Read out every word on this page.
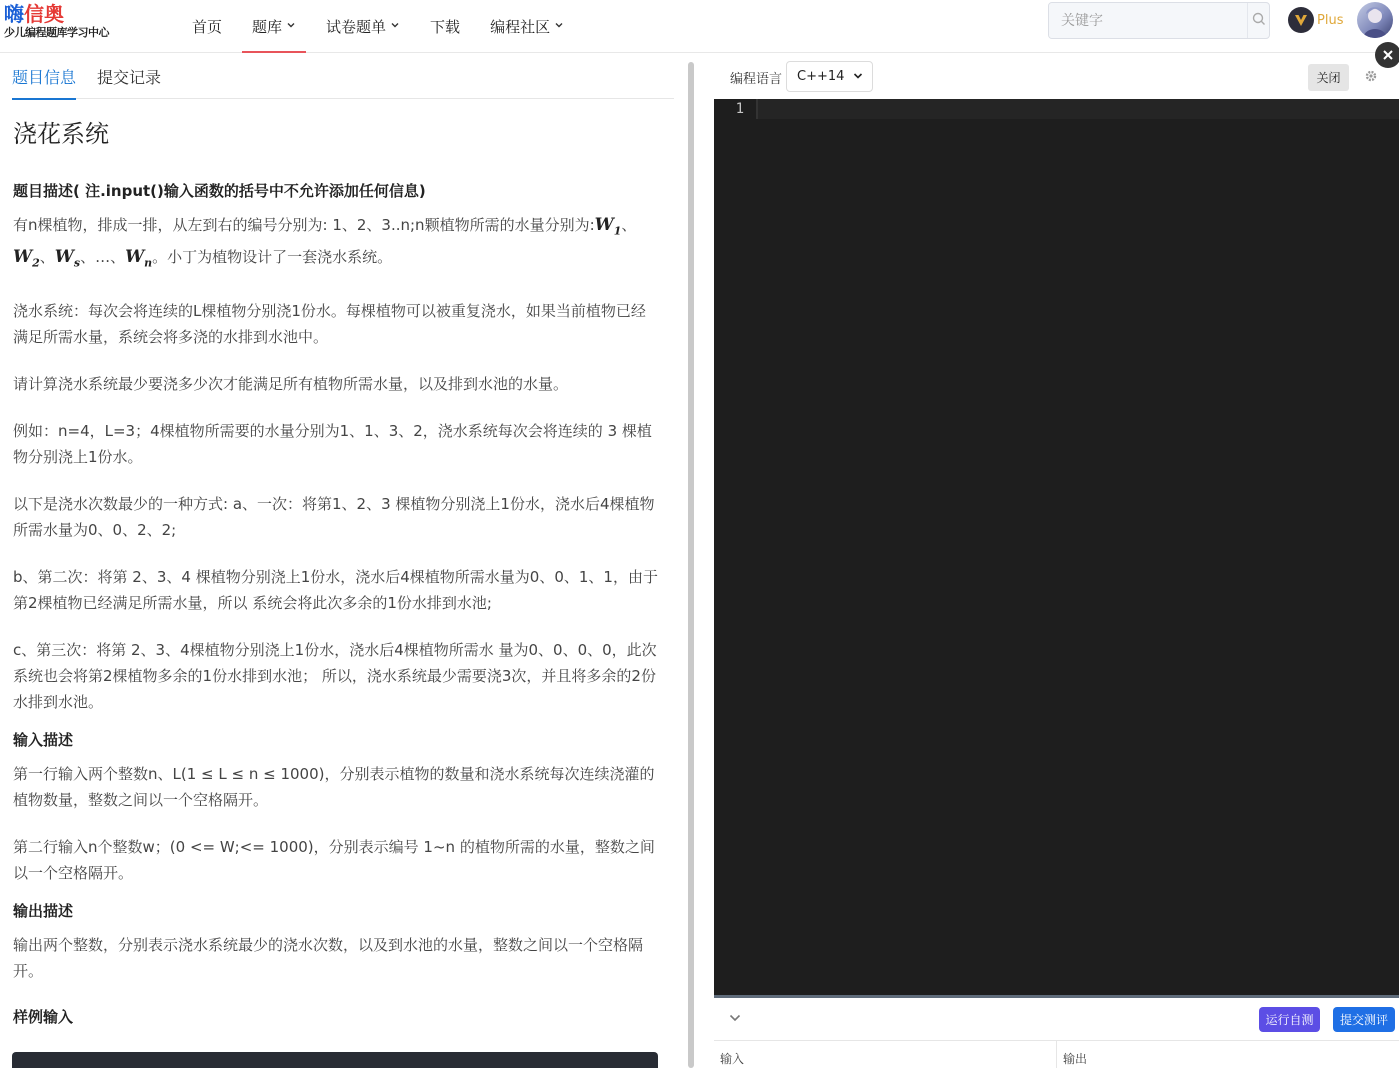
嗨信奥
少儿编程题库学习中心	首页 题库	试卷题单	下载 编程社区
关键字	Plus
题目信息 提交记录
浇花系统
题目描述( 注.input()输入函数的括号中不允许添加任何信息)

有n棵植物，排成一排，从左到右的编号分别为: 1、2、3..n;n颗植物所需的水量分别为$:W_1$、$W_2$、$W_s$、…、$W_n$。小丁为植物设计了一套浇水系统。

浇水系统：每次会将连续的L棵植物分别浇1份水。每棵植物可以被重复浇水，如果当前植物已经满足所需水量，系统会将多浇的水排到水池中。

请计算浇水系统最少要浇多少次才能满足所有植物所需水量，以及排到水池的水量。

例如：n=4，L=3；4棵植物所需要的水量分别为1、1、3、2，浇水系统每次会将连续的 3 棵植物分别浇上1份水。

以下是浇水次数最少的一种方式: a、一次：将第1、2、3 棵植物分别浇上1份水，浇水后4棵植物所需水量为0、0、2、2;

b、第二次：将第 2、3、4 棵植物分别浇上1份水，浇水后4棵植物所需水量为0、0、1、1，由于第2棵植物已经满足所需水量，所以 系统会将此次多余的1份水排到水池;

c、第三次：将第 2、3、4棵植物分别浇上1份水，浇水后4棵植物所需水 量为0、0、0、0，此次系统也会将第2棵植物多余的1份水排到水池； 所以，浇水系统最少需要浇3次，并且将多余的2份水排到水池。

输入描述

第一行输入两个整数n、L(1 ≤ L ≤ n ≤ 1000)，分别表示植物的数量和浇水系统每次连续浇灌的植物数量，整数之间以一个空格隔开。

第二行输入n个整数w；(0 <= W;<= 1000)，分别表示编号 1~n 的植物所需的水量，整数之间以一个空格隔开。

输出描述

输出两个整数，分别表示浇水系统最少的浇水次数，以及到水池的水量，整数之间以一个空格隔开。

样例输入
编程语言 C++14	关闭
1
运行自测	提交测评
输入	输出
